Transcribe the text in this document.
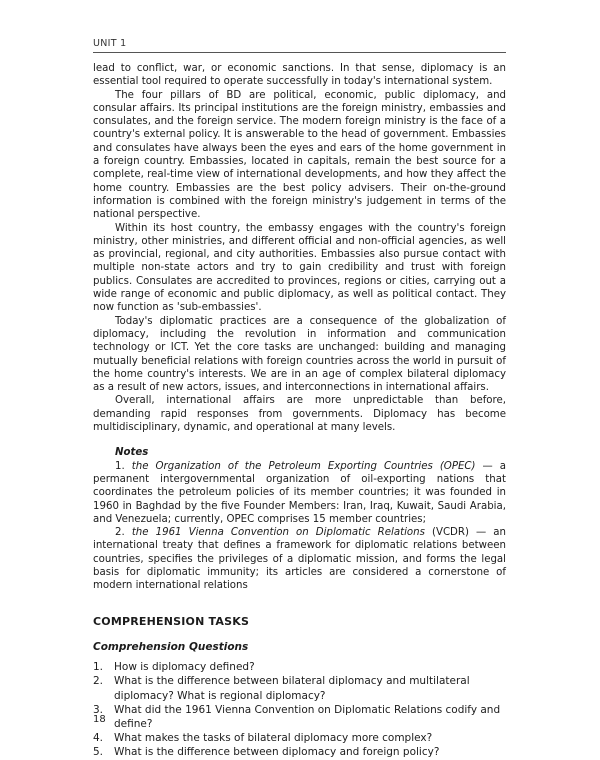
UNIT 1

lead to conflict, war, or economic sanctions. In that sense, diplomacy is an essential tool required to operate successfully in today's international system.

The four pillars of BD are political, economic, public diplomacy, and consular affairs. Its principal institutions are the foreign ministry, embassies and consulates, and the foreign service. The modern foreign ministry is the face of a country's external policy. It is answerable to the head of government. Embassies and consulates have always been the eyes and ears of the home government in a foreign country. Embassies, located in capitals, remain the best source for a complete, real-time view of international developments, and how they affect the home country. Embassies are the best policy advisers. Their on-the-ground information is combined with the foreign ministry's judgement in terms of the national perspective.

Within its host country, the embassy engages with the country's foreign ministry, other ministries, and different official and non-official agencies, as well as provincial, regional, and city authorities. Embassies also pursue contact with multiple non-state actors and try to gain credibility and trust with foreign publics. Consulates are accredited to provinces, regions or cities, carrying out a wide range of economic and public diplomacy, as well as political contact. They now function as 'sub-embassies'.

Today's diplomatic practices are a consequence of the globalization of diplomacy, including the revolution in information and communication technology or ICT. Yet the core tasks are unchanged: building and managing mutually beneficial relations with foreign countries across the world in pursuit of the home country's interests. We are in an age of complex bilateral diplomacy as a result of new actors, issues, and interconnections in international affairs.

Overall, international affairs are more unpredictable than before, demanding rapid responses from governments. Diplomacy has become multidisciplinary, dynamic, and operational at many levels.

Notes

1. the Organization of the Petroleum Exporting Countries (OPEC) — a permanent intergovernmental organization of oil-exporting nations that coordinates the petroleum policies of its member countries; it was founded in 1960 in Baghdad by the five Founder Members: Iran, Iraq, Kuwait, Saudi Arabia, and Venezuela; currently, OPEC comprises 15 member countries;

2. the 1961 Vienna Convention on Diplomatic Relations (VCDR) — an international treaty that defines a framework for diplomatic relations between countries, specifies the privileges of a diplomatic mission, and forms the legal basis for diplomatic immunity; its articles are considered a cornerstone of modern international relations

COMPREHENSION TASKS
Comprehension Questions
1. How is diplomacy defined?
2. What is the difference between bilateral diplomacy and multilateral diplomacy? What is regional diplomacy?
3. What did the 1961 Vienna Convention on Diplomatic Relations codify and define?
4. What makes the tasks of bilateral diplomacy more complex?
5. What is the difference between diplomacy and foreign policy?
18
